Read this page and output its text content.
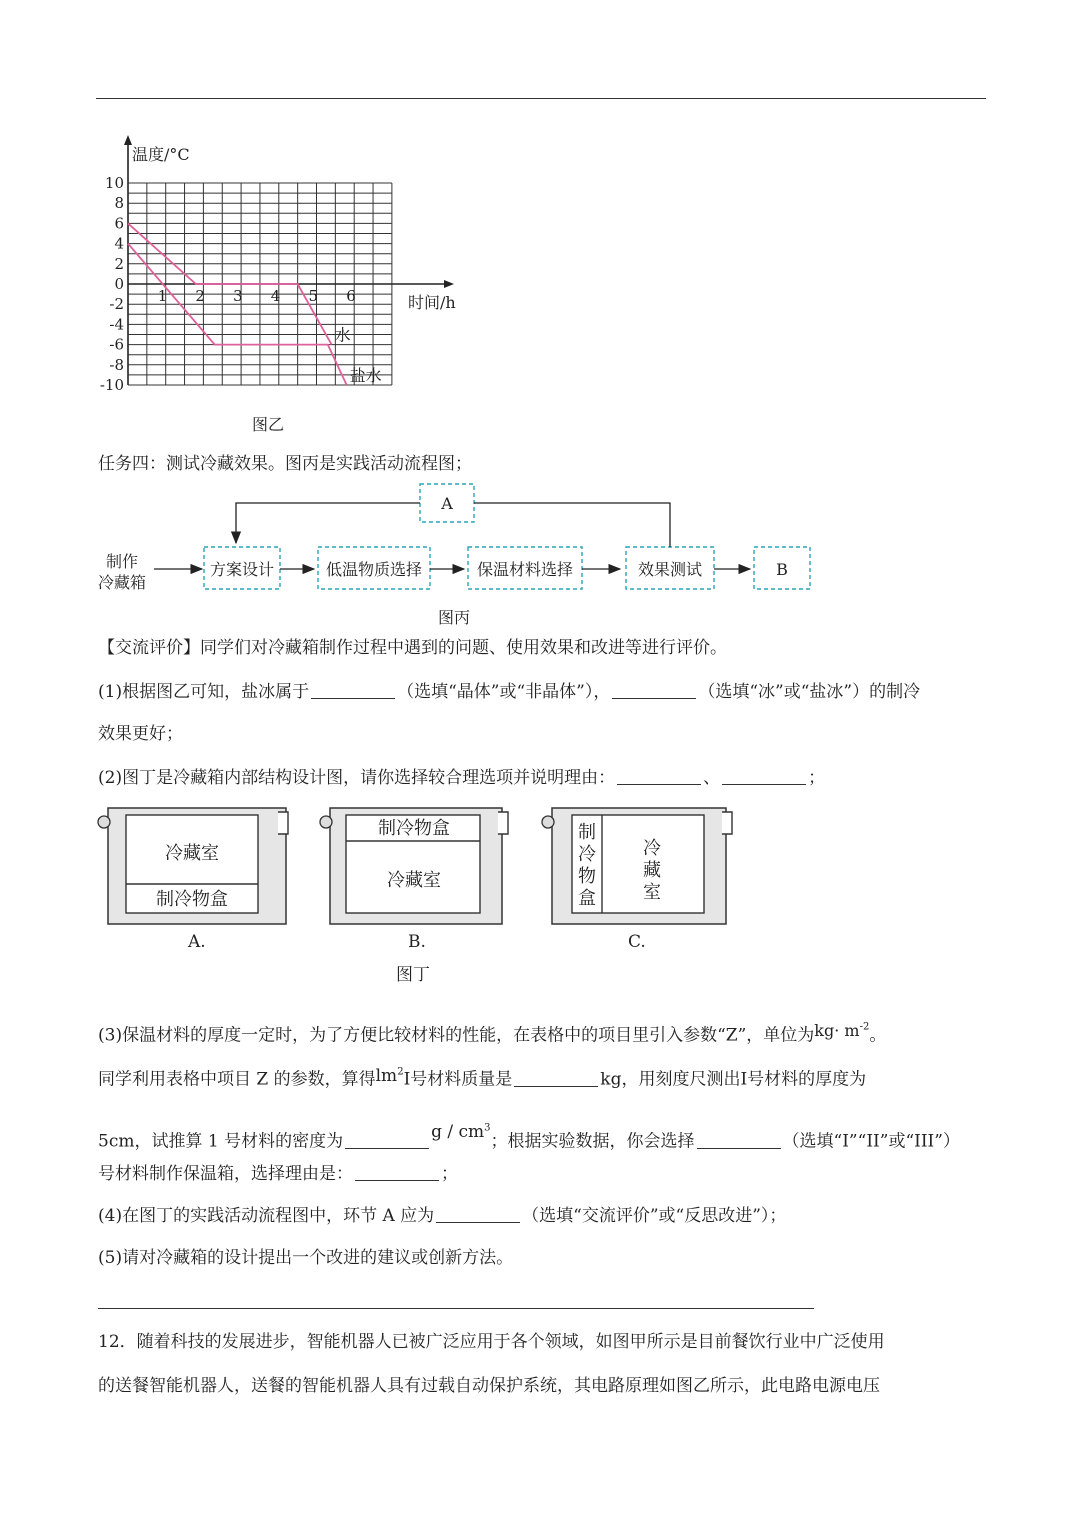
温度/°C
时间/h
10
8
6
4
2
0
-2
-4
-6
-8
-10
1 2 3 4 5 6
水
盐水
图乙
任务四：测试冷藏效果。图丙是实践活动流程图；
制作
冷藏箱
方案设计	低温物质选择	保温材料选择	效果测试	B
A
图丙
【交流评价】同学们对冷藏箱制作过程中遇到的问题、使用效果和改进等进行评价。
(1)根据图乙可知，盐冰属于	（选填“晶体”或“非晶体”），	（选填“冰”或“盐冰”）的制冷
效果更好；
(2)图丁是冷藏箱内部结构设计图，请你选择较合理选项并说明理由：	、	；
冷藏室
制冷物盒
A.
制冷物盒
冷藏室
B.
制
冷
物
盒
冷
藏
室
C.
图丁
(3)保温材料的厚度一定时，为了方便比较材料的性能，在表格中的项目里引入参数“Z”，单位为$kg\cdot m^{-2}$。
同学利用表格中项目 Z 的参数，算得$lm^2I$号材料质量是	kg，用刻度尺测出I号材料的厚度为
5cm，试推算 1 号材料的密度为	g / $cm^3$；根据实验数据，你会选择	（选填“I”“II”或“III”）
号材料制作保温箱，选择理由是：	；
(4)在图丁的实践活动流程图中，环节 A 应为	（选填“交流评价”或“反思改进”）；
(5)请对冷藏箱的设计提出一个改进的建议或创新方法。
12．随着科技的发展进步，智能机器人已被广泛应用于各个领域，如图甲所示是目前餐饮行业中广泛使用
的送餐智能机器人，送餐的智能机器人具有过载自动保护系统，其电路原理如图乙所示，此电路电源电压
